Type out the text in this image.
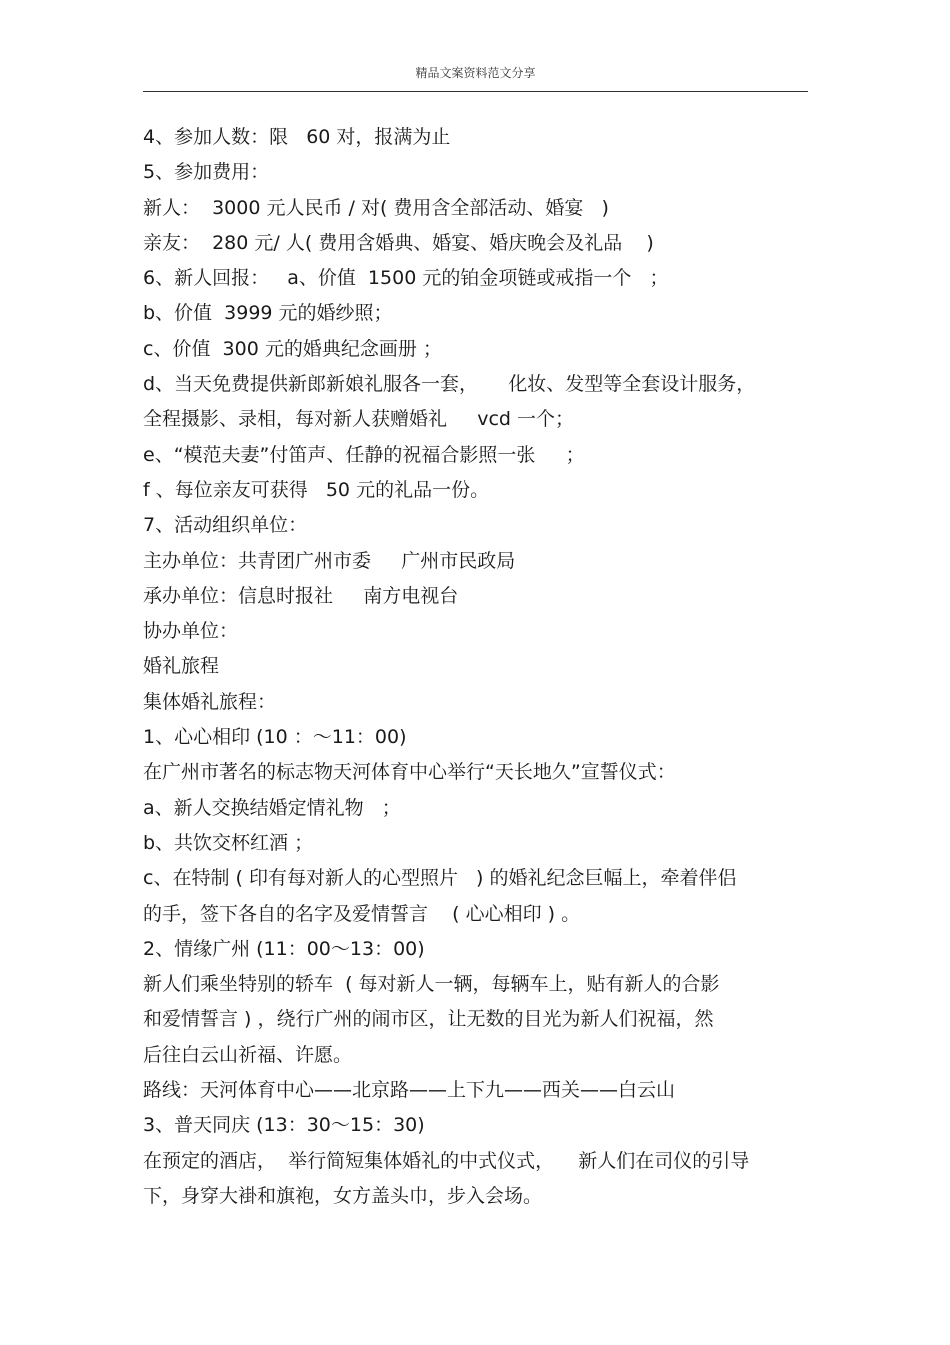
精品文案资料范文分享
4、参加人数：限   60 对，报满为止
5、参加费用：
新人：  3000 元人民币 / 对( 费用含全部活动、婚宴   )
亲友：  280 元/ 人( 费用含婚典、婚宴、婚庆晚会及礼品    )
6、新人回报：   a、价值  1500 元的铂金项链或戒指一个   ；
b、价值  3999 元的婚纱照；
c、价值  300 元的婚典纪念画册 ；
d、当天免费提供新郎新娘礼服各一套，     化妆、发型等全套设计服务，
全程摄影、录相，每对新人获赠婚礼     vcd 一个；
e、“模范夫妻”付笛声、任静的祝福合影照一张     ；
f 、每位亲友可获得   50 元的礼品一份。
7、活动组织单位：
主办单位：共青团广州市委     广州市民政局
承办单位：信息时报社     南方电视台
协办单位：
婚礼旅程
集体婚礼旅程：
1、心心相印 (10 ：～11：00)
在广州市著名的标志物天河体育中心举行“天长地久”宣誓仪式：
a、新人交换结婚定情礼物   ；
b、共饮交杯红酒 ；
c、在特制 ( 印有每对新人的心型照片   ) 的婚礼纪念巨幅上，牵着伴侣
的手，签下各自的名字及爱情誓言    ( 心心相印 ) 。
2、情缘广州 (11：00～13：00)
新人们乘坐特别的轿车  ( 每对新人一辆，每辆车上，贴有新人的合影
和爱情誓言 ) ，绕行广州的闹市区，让无数的目光为新人们祝福，然
后往白云山祈福、许愿。
路线：天河体育中心——北京路——上下九——西关——白云山
3、普天同庆 (13：30～15：30)
在预定的酒店，  举行简短集体婚礼的中式仪式，    新人们在司仪的引导
下，身穿大褂和旗袍，女方盖头巾，步入会场。
